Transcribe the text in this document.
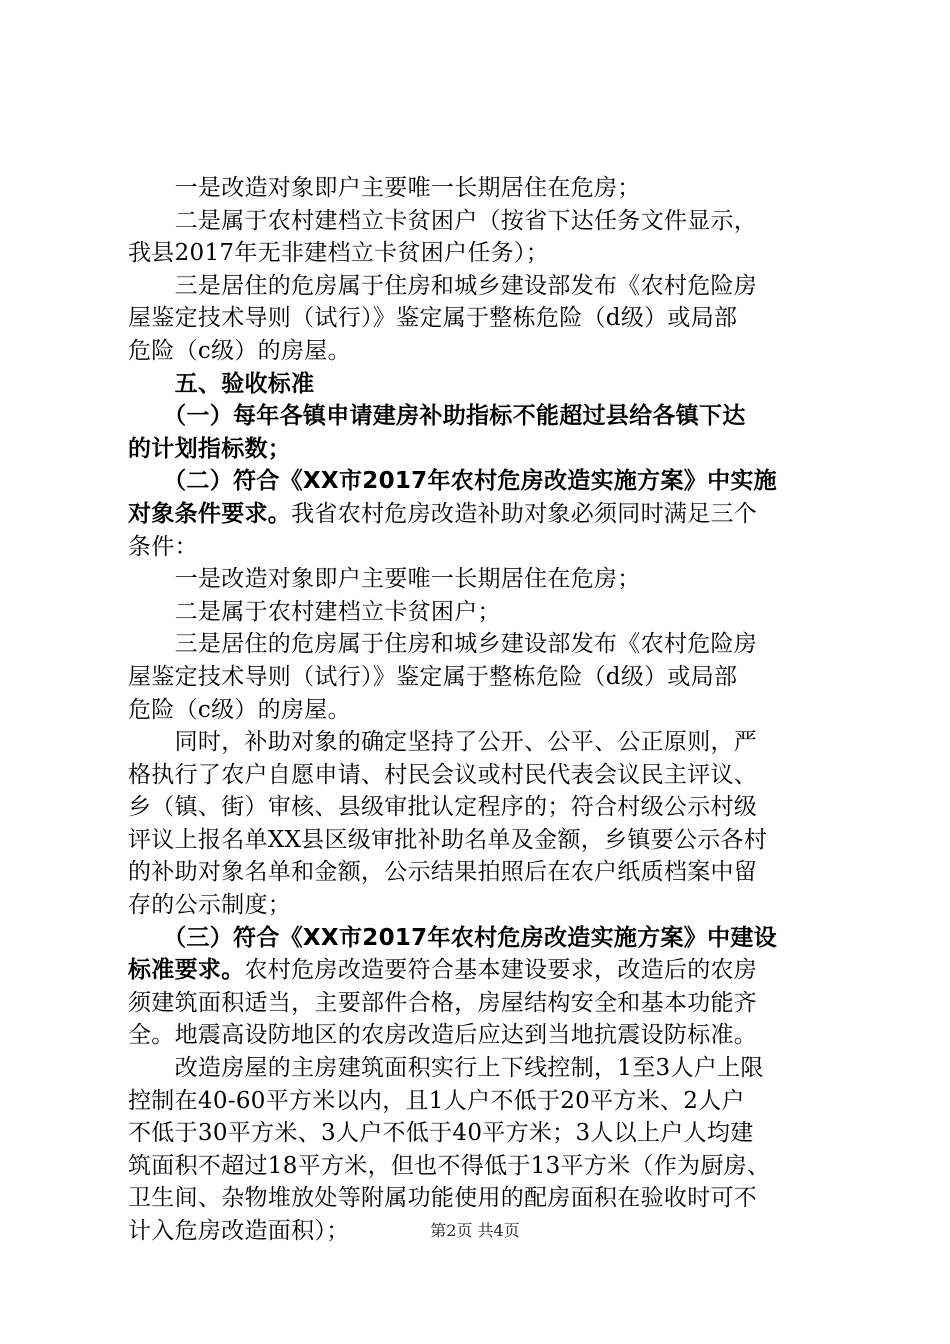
　　一是改造对象即户主要唯一长期居住在危房；
　　二是属于农村建档立卡贫困户（按省下达任务文件显示，
我县2017年无非建档立卡贫困户任务）；
　　三是居住的危房属于住房和城乡建设部发布《农村危险房
屋鉴定技术导则（试行）》鉴定属于整栋危险（d级）或局部
危险（c级）的房屋。
　　五、验收标准
　　（一）每年各镇申请建房补助指标不能超过县给各镇下达
的计划指标数；
　　（二）符合《XX市2017年农村危房改造实施方案》中实施
对象条件要求。我省农村危房改造补助对象必须同时满足三个
条件：
　　一是改造对象即户主要唯一长期居住在危房；
　　二是属于农村建档立卡贫困户；
　　三是居住的危房属于住房和城乡建设部发布《农村危险房
屋鉴定技术导则（试行）》鉴定属于整栋危险（d级）或局部
危险（c级）的房屋。
　　同时，补助对象的确定坚持了公开、公平、公正原则，严
格执行了农户自愿申请、村民会议或村民代表会议民主评议、
乡（镇、街）审核、县级审批认定程序的；符合村级公示村级
评议上报名单XX县区级审批补助名单及金额，乡镇要公示各村
的补助对象名单和金额，公示结果拍照后在农户纸质档案中留
存的公示制度；
　　（三）符合《XX市2017年农村危房改造实施方案》中建设
标准要求。农村危房改造要符合基本建设要求，改造后的农房
须建筑面积适当，主要部件合格，房屋结构安全和基本功能齐
全。地震高设防地区的农房改造后应达到当地抗震设防标准。
　　改造房屋的主房建筑面积实行上下线控制，1至3人户上限
控制在40-60平方米以内，且1人户不低于20平方米、2人户
不低于30平方米、3人户不低于40平方米；3人以上户人均建
筑面积不超过18平方米，但也不得低于13平方米（作为厨房、
卫生间、杂物堆放处等附属功能使用的配房面积在验收时可不
计入危房改造面积）；	第2页 共4页
